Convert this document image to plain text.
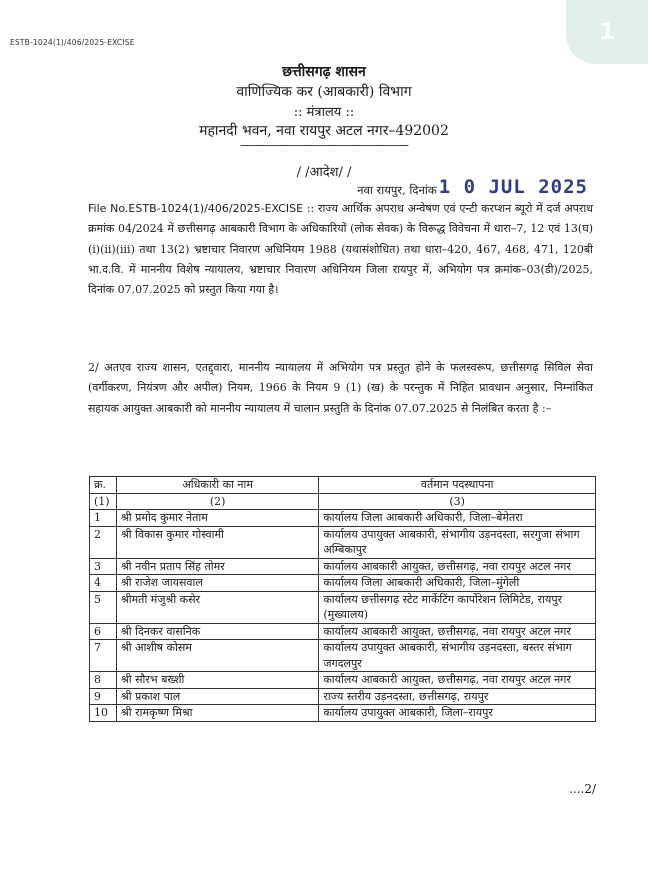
ESTB-1024(1)/406/2025-EXCISE	1
छत्तीसगढ़ शासन
वाणिज्यिक कर (आबकारी) विभाग
:: मंत्रालय ::
महानदी भवन, नवा रायपुर अटल नगर–492002
——————————————
/ /आदेश/ /
नवा रायपुर, दिनांक 1 0 JUL 2025
File No.ESTB-1024(1)/406/2025-EXCISE :: राज्य आर्थिक अपराध अन्वेषण एवं एन्टी करप्शन ब्यूरो में दर्ज अपराध क्रमांक 04/2024 में छत्तीसगढ़ आबकारी विभाग के अधिकारियों (लोक सेवक) के विरूद्ध विवेचना में धारा–7, 12 एवं 13(घ) (i)(ii)(iii) तथा 13(2) भ्रष्टाचार निवारण अधिनियम 1988 (यथासंशोधित) तथा धारा–420, 467, 468, 471, 120बी भा.द.वि. में माननीय विशेष न्यायालय, भ्रष्टाचार निवारण अधिनियम जिला रायपुर में, अभियोग पत्र क्रमांक–03(डी)/2025, दिनांक 07.07.2025 को प्रस्तुत किया गया है।
2/ अतएव राज्य शासन, एतद्द्वारा, माननीय न्यायालय में अभियोग पत्र प्रस्तुत होने के फलस्वरूप, छत्तीसगढ़ सिविल सेवा (वर्गीकरण, नियंत्रण और अपील) नियम, 1966 के नियम 9 (1) (ख) के परन्तुक में निहित प्रावधान अनुसार, निम्नांकित सहायक आयुक्त आबकारी को माननीय न्यायालय में चालान प्रस्तुति के दिनांक 07.07.2025 से निलंबित करता है :–
क्र.	अधिकारी का नाम	वर्तमान पदस्थापना
(1)	(2)	(3)
1	श्री प्रमोद कुमार नेताम	कार्यालय जिला आबकारी अधिकारी, जिला–बेमेतरा
2	श्री विकास कुमार गोस्वामी	कार्यालय उपायुक्त आबकारी, संभागीय उड़नदस्ता, सरगुजा संभाग अम्बिकापुर
3	श्री नवीन प्रताप सिंह तोमर	कार्यालय आबकारी आयुक्त, छत्तीसगढ़, नवा रायपुर अटल नगर
4	श्री राजेश जायसवाल	कार्यालय जिला आबकारी अधिकारी, जिला–मुंगेली
5	श्रीमती मंजुश्री कसेर	कार्यालय छत्तीसगढ़ स्टेट मार्केटिंग कार्पोरेशन लिमिटेड, रायपुर (मुख्यालय)
6	श्री दिनकर वासनिक	कार्यालय आबकारी आयुक्त, छत्तीसगढ़, नवा रायपुर अटल नगर
7	श्री आशीष कोसम	कार्यालय उपायुक्त आबकारी, संभागीय उड़नदस्ता, बस्तर संभाग जगदलपुर
8	श्री सौरभ बख्शी	कार्यालय आबकारी आयुक्त, छत्तीसगढ़, नवा रायपुर अटल नगर
9	श्री प्रकाश पाल	राज्य स्तरीय उड़नदस्ता, छत्तीसगढ़, रायपुर
10	श्री रामकृष्ण मिश्रा	कार्यालय उपायुक्त आबकारी, जिला–रायपुर
....2/
